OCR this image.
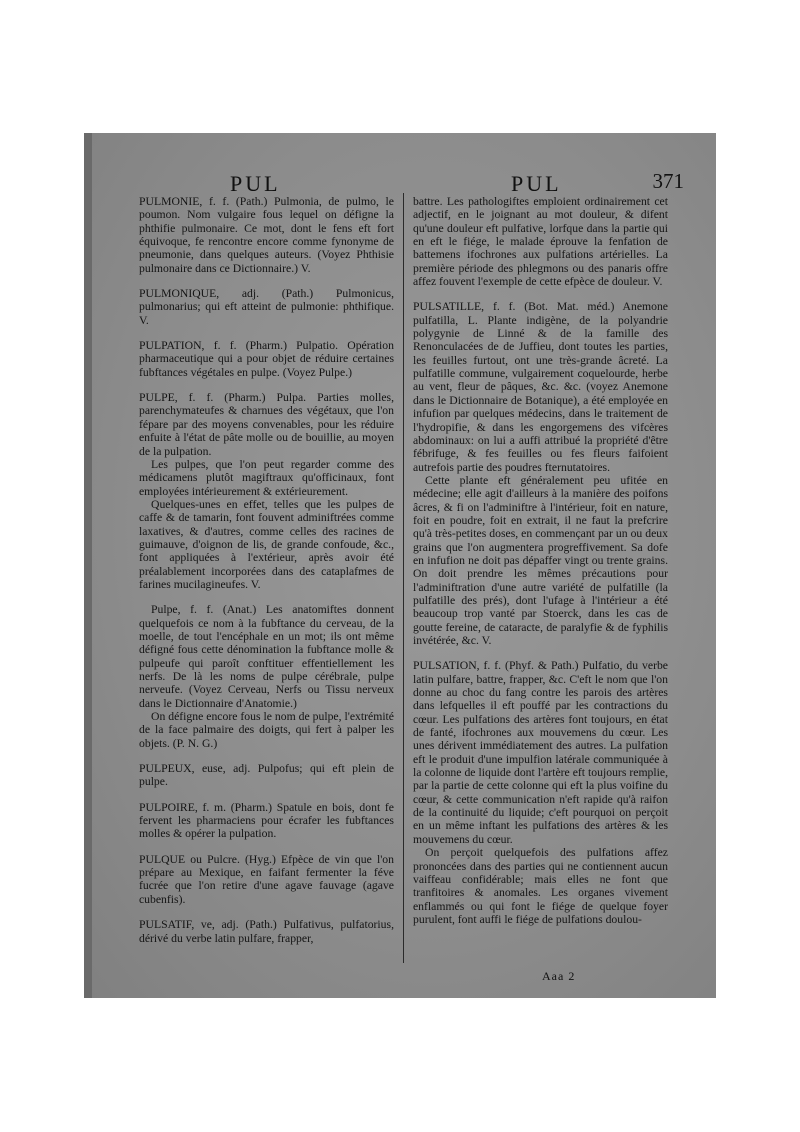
PUL	PUL	371

PULMONIE, f. f. (Path.) Pulmonia, de pulmo, le poumon. Nom vulgaire fous lequel on défigne la phthifie pulmonaire. Ce mot, dont le fens eft fort équivoque, fe rencontre encore comme fynonyme de pneumonie, dans quelques auteurs. (Voyez Phthisie pulmonaire dans ce Dictionnaire.) V.

PULMONIQUE, adj. (Path.) Pulmonicus, pulmonarius; qui eft atteint de pulmonie: phthifique. V.

PULPATION, f. f. (Pharm.) Pulpatio. Opération pharmaceutique qui a pour objet de réduire certaines fubftances végétales en pulpe. (Voyez Pulpe.)

PULPE, f. f. (Pharm.) Pulpa. Parties molles, parenchymateufes & charnues des végétaux, que l'on fépare par des moyens convenables, pour les réduire enfuite à l'état de pâte molle ou de bouillie, au moyen de la pulpation.

Les pulpes, que l'on peut regarder comme des médicamens plutôt magiftraux qu'officinaux, font employées intérieurement & extérieurement.

Quelques-unes en effet, telles que les pulpes de caffe & de tamarin, font fouvent adminiftrées comme laxatives, & d'autres, comme celles des racines de guimauve, d'oignon de lis, de grande confoude, &c., font appliquées à l'extérieur, après avoir été préalablement incorporées dans des cataplafmes de farines mucilagineufes. V.

Pulpe, f. f. (Anat.) Les anatomiftes donnent quelquefois ce nom à la fubftance du cerveau, de la moelle, de tout l'encéphale en un mot; ils ont même défigné fous cette dénomination la fubftance molle & pulpeufe qui paroît conftituer effentiellement les nerfs. De là les noms de pulpe cérébrale, pulpe nerveufe. (Voyez Cerveau, Nerfs ou Tissu nerveux dans le Dictionnaire d'Anatomie.)

On défigne encore fous le nom de pulpe, l'extrémité de la face palmaire des doigts, qui fert à palper les objets. (P. N. G.)

PULPEUX, euse, adj. Pulpofus; qui eft plein de pulpe.

PULPOIRE, f. m. (Pharm.) Spatule en bois, dont fe fervent les pharmaciens pour écrafer les fubftances molles & opérer la pulpation.

PULQUE ou Pulcre. (Hyg.) Efpèce de vin que l'on prépare au Mexique, en faifant fermenter la féve fucrée que l'on retire d'une agave fauvage (agave cubenfis).

PULSATIF, ve, adj. (Path.) Pulfativus, pulfatorius, dérivé du verbe latin pulfare, frapper,

battre. Les pathologiftes emploient ordinairement cet adjectif, en le joignant au mot douleur, & difent qu'une douleur eft pulfative, lorfque dans la partie qui en eft le fiége, le malade éprouve la fenfation de battemens ifochrones aux pulfations artérielles. La première période des phlegmons ou des panaris offre affez fouvent l'exemple de cette efpèce de douleur. V.

PULSATILLE, f. f. (Bot. Mat. méd.) Anemone pulfatilla, L. Plante indigène, de la polyandrie polygynie de Linné & de la famille des Renonculacées de de Juffieu, dont toutes les parties, les feuilles furtout, ont une très-grande âcreté. La pulfatille commune, vulgairement coquelourde, herbe au vent, fleur de pâques, &c. &c. (voyez Anemone dans le Dictionnaire de Botanique), a été employée en infufion par quelques médecins, dans le traitement de l'hydropifie, & dans les engorgemens des vifcères abdominaux: on lui a auffi attribué la propriété d'être fébrifuge, & fes feuilles ou fes fleurs faifoient autrefois partie des poudres fternutatoires.

Cette plante eft généralement peu ufitée en médecine; elle agit d'ailleurs à la manière des poifons âcres, & fi on l'adminiftre à l'intérieur, foit en nature, foit en poudre, foit en extrait, il ne faut la prefcrire qu'à très-petites doses, en commençant par un ou deux grains que l'on augmentera progreffivement. Sa dofe en infufion ne doit pas dépaffer vingt ou trente grains. On doit prendre les mêmes précautions pour l'adminiftration d'une autre variété de pulfatille (la pulfatille des prés), dont l'ufage à l'intérieur a été beaucoup trop vanté par Stoerck, dans les cas de goutte fereine, de cataracte, de paralyfie & de fyphilis invétérée, &c. V.

PULSATION, f. f. (Phyf. & Path.) Pulfatio, du verbe latin pulfare, battre, frapper, &c. C'eft le nom que l'on donne au choc du fang contre les parois des artères dans lefquelles il eft pouffé par les contractions du cœur. Les pulfations des artères font toujours, en état de fanté, ifochrones aux mouvemens du cœur. Les unes dérivent immédiatement des autres. La pulfation eft le produit d'une impulfion latérale communiquée à la colonne de liquide dont l'artère eft toujours remplie, par la partie de cette colonne qui eft la plus voifine du cœur, & cette communication n'eft rapide qu'à raifon de la continuité du liquide; c'eft pourquoi on perçoit en un même inftant les pulfations des artères & les mouvemens du cœur.

On perçoit quelquefois des pulfations affez prononcées dans des parties qui ne contiennent aucun vaiffeau confidérable; mais elles ne font que tranfitoires & anomales. Les organes vivement enflammés ou qui font le fiége de quelque foyer purulent, font auffi le fiége de pulfations doulou-

Aaa 2
